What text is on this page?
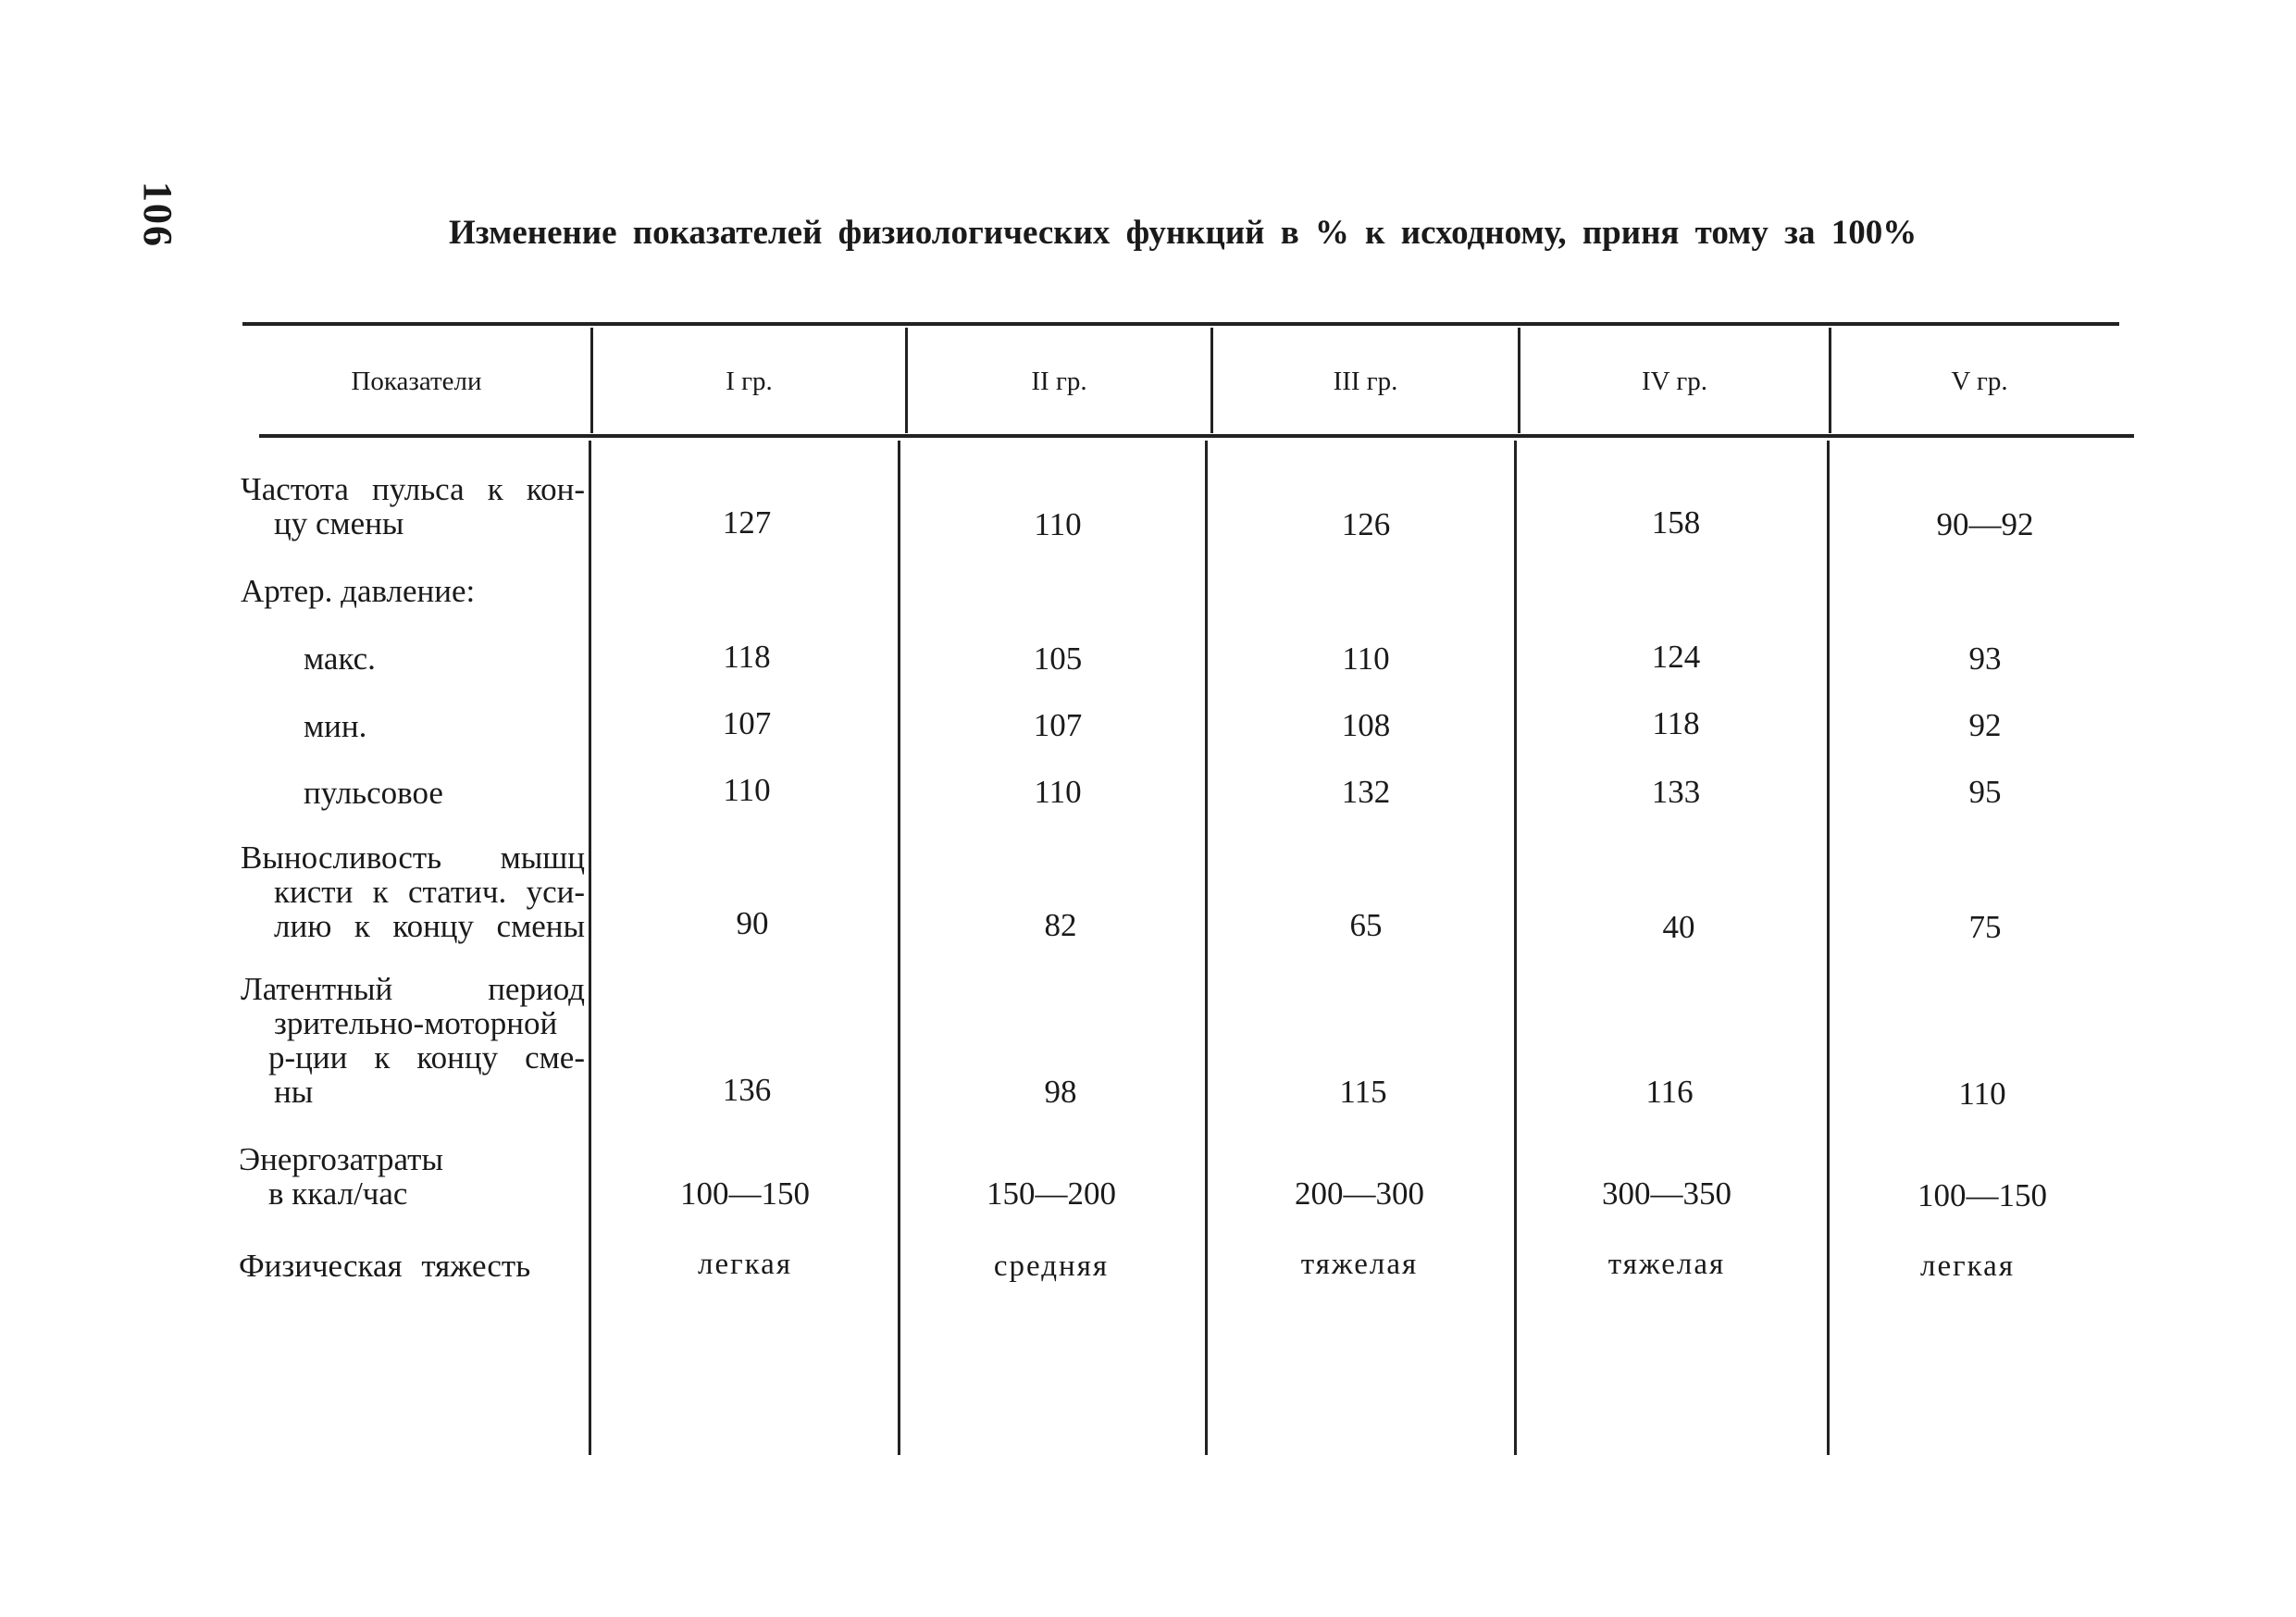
106	Изменение показателей физиологических функций в % к исходному, приня тому за 100%
Показатели	I гр.	II гр.	III гр.	IV гр.	V гр.
Частота пульса к кон-
цу смены	127	110	126	158	90—92
Артер. давление:
макс.	118	105	110	124	93
мин.	107	107	108	118	92
пульсовое	110	110	132	133	95
Выносливость мышц
кисти к статич. уси-
лию к концу смены	90	82	65	40	75
Латентный период
зрительно-моторной
р-ции к концу сме-
ны	136	98	115	116	110
Энергозатраты
в ккал/час	100—150	150—200	200—300	300—350	100—150
Физическая тяжесть	легкая	средняя	тяжелая	тяжелая	легкая
